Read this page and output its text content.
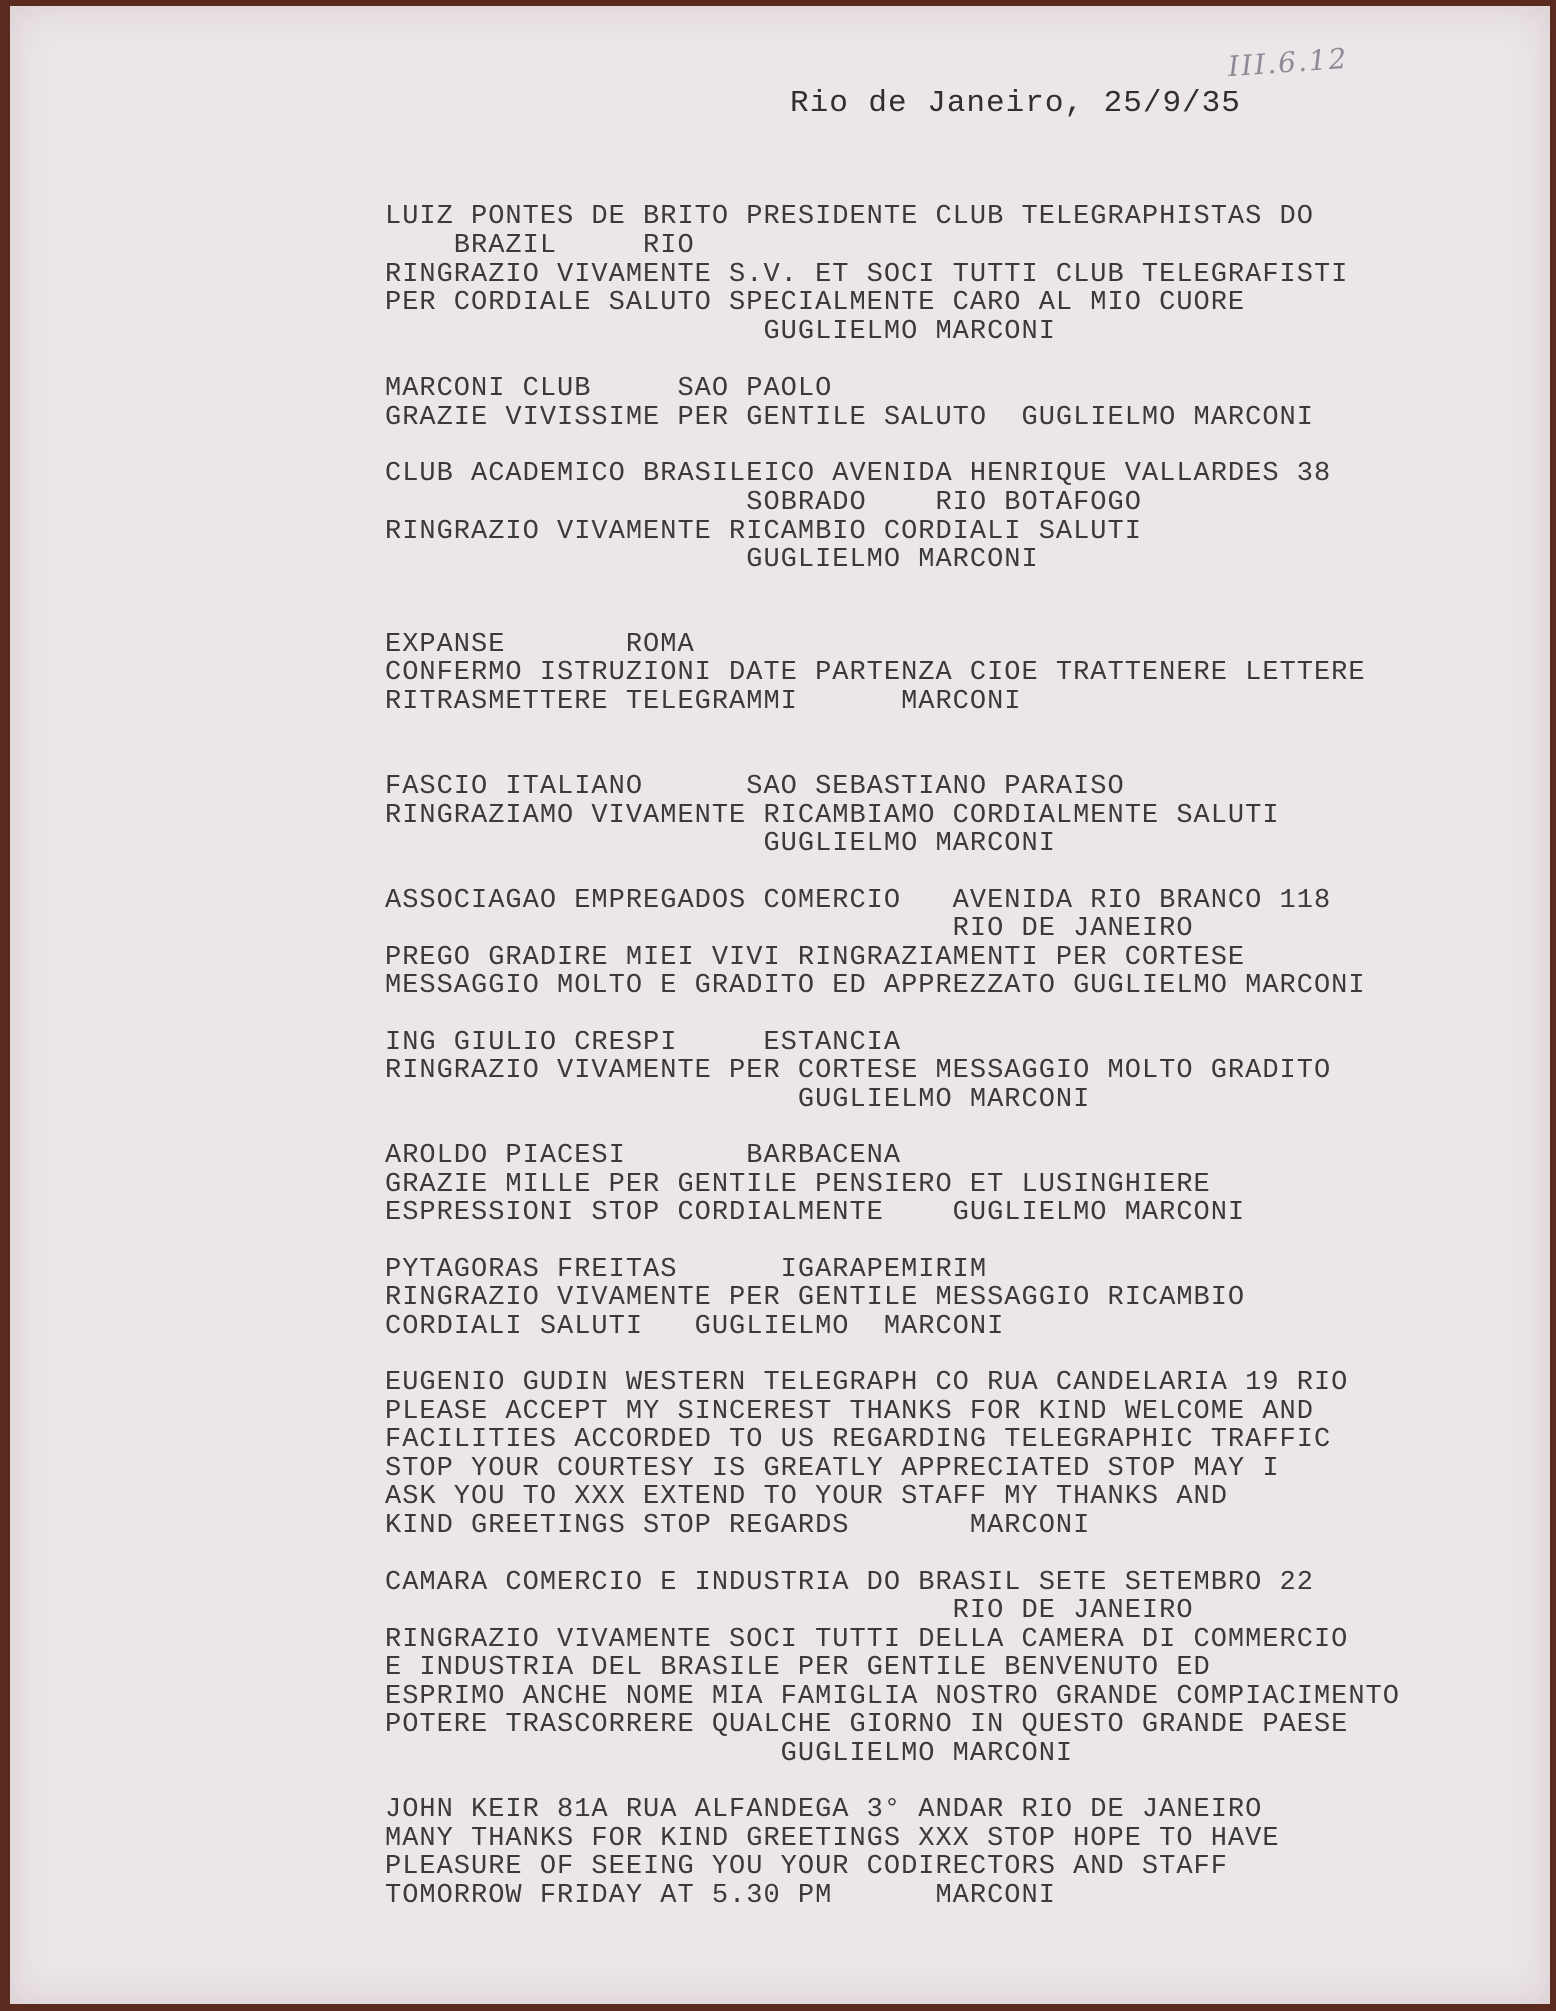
III.6.12
Rio de Janeiro, 25/9/35
LUIZ PONTES DE BRITO PRESIDENTE CLUB TELEGRAPHISTAS DO
BRAZIL     RIO
RINGRAZIO VIVAMENTE S.V. ET SOCI TUTTI CLUB TELEGRAFISTI
PER CORDIALE SALUTO SPECIALMENTE CARO AL MIO CUORE
GUGLIELMO MARCONI
MARCONI CLUB     SAO PAOLO
GRAZIE VIVISSIME PER GENTILE SALUTO  GUGLIELMO MARCONI
CLUB ACADEMICO BRASILEICO AVENIDA HENRIQUE VALLARDES 38
SOBRADO    RIO BOTAFOGO
RINGRAZIO VIVAMENTE RICAMBIO CORDIALI SALUTI
GUGLIELMO MARCONI
EXPANSE       ROMA
CONFERMO ISTRUZIONI DATE PARTENZA CIOE TRATTENERE LETTERE
RITRASMETTERE TELEGRAMMI      MARCONI
FASCIO ITALIANO      SAO SEBASTIANO PARAISO
RINGRAZIAMO VIVAMENTE RICAMBIAMO CORDIALMENTE SALUTI
GUGLIELMO MARCONI
ASSOCIAGAO EMPREGADOS COMERCIO   AVENIDA RIO BRANCO 118
RIO DE JANEIRO
PREGO GRADIRE MIEI VIVI RINGRAZIAMENTI PER CORTESE
MESSAGGIO MOLTO E GRADITO ED APPREZZATO GUGLIELMO MARCONI
ING GIULIO CRESPI     ESTANCIA
RINGRAZIO VIVAMENTE PER CORTESE MESSAGGIO MOLTO GRADITO
GUGLIELMO MARCONI
AROLDO PIACESI       BARBACENA
GRAZIE MILLE PER GENTILE PENSIERO ET LUSINGHIERE
ESPRESSIONI STOP CORDIALMENTE    GUGLIELMO MARCONI
PYTAGORAS FREITAS      IGARAPEMIRIM
RINGRAZIO VIVAMENTE PER GENTILE MESSAGGIO RICAMBIO
CORDIALI SALUTI   GUGLIELMO  MARCONI
EUGENIO GUDIN WESTERN TELEGRAPH CO RUA CANDELARIA 19 RIO
PLEASE ACCEPT MY SINCEREST THANKS FOR KIND WELCOME AND
FACILITIES ACCORDED TO US REGARDING TELEGRAPHIC TRAFFIC
STOP YOUR COURTESY IS GREATLY APPRECIATED STOP MAY I
ASK YOU TO XXX EXTEND TO YOUR STAFF MY THANKS AND
KIND GREETINGS STOP REGARDS       MARCONI
CAMARA COMERCIO E INDUSTRIA DO BRASIL SETE SETEMBRO 22
RIO DE JANEIRO
RINGRAZIO VIVAMENTE SOCI TUTTI DELLA CAMERA DI COMMERCIO
E INDUSTRIA DEL BRASILE PER GENTILE BENVENUTO ED
ESPRIMO ANCHE NOME MIA FAMIGLIA NOSTRO GRANDE COMPIACIMENTO
POTERE TRASCORRERE QUALCHE GIORNO IN QUESTO GRANDE PAESE
GUGLIELMO MARCONI
JOHN KEIR 81A RUA ALFANDEGA 3° ANDAR RIO DE JANEIRO
MANY THANKS FOR KIND GREETINGS XXX STOP HOPE TO HAVE
PLEASURE OF SEEING YOU YOUR CODIRECTORS AND STAFF
TOMORROW FRIDAY AT 5.30 PM      MARCONI
